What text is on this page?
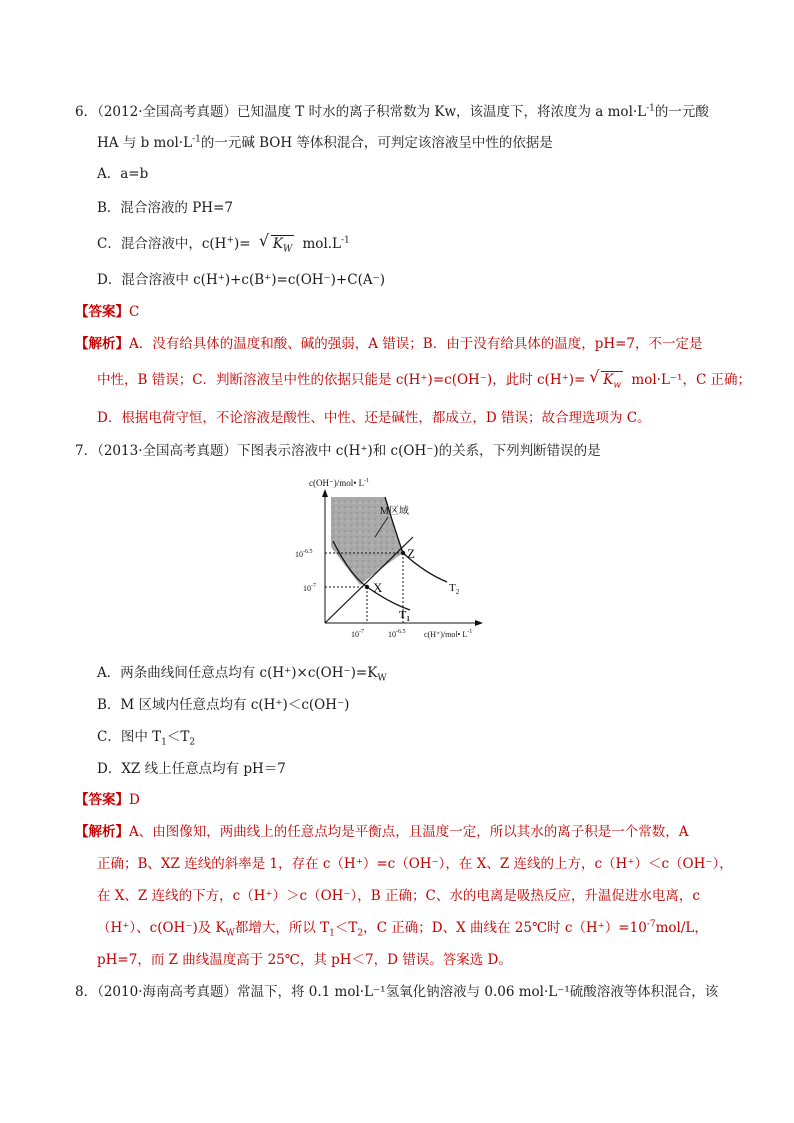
6．（2012·全国高考真题）已知温度 T 时水的离子积常数为 Kw，该温度下，将浓度为 a $mol\cdot L^{-1}$的一元酸
HA 与 b $mol\cdot L^{-1}$的一元碱 BOH 等体积混合，可判定该溶液呈中性的依据是
A．a=b
B．混合溶液的 PH=7
C．混合溶液中，c(H+)= √ $K_W$ $mol.L^{-1}$
D．混合溶液中 c(H⁺)+c(B⁺)=c(OH⁻)+C(A⁻)
【答案】C
【解析】A．没有给具体的温度和酸、碱的强弱，A 错误；B．由于没有给具体的温度，pH=7，不一定是
中性，B 错误；C．判断溶液呈中性的依据只能是 c(H⁺)=c(OH⁻)，此时 c(H⁺)= √ $K_w$ mol·L⁻¹，C 正确；
D．根据电荷守恒，不论溶液是酸性、中性、还是碱性，都成立，D 错误；故合理选项为 C。
7．（2013·全国高考真题）下图表示溶液中 c(H⁺)和 c(OH⁻)的关系，下列判断错误的是
c(OH⁻)/mol• $L^{-1}$
M区域
$10^{-6.5}$
$10^{-7}$
$10^{-7}$	$10^{-6.5}$ c(H⁺)/mol• $L^{-1}$
Z
X
$T_1$
$T_2$
A．两条曲线间任意点均有 $c(H^+)\times c(OH^-)=K_W$
B．M 区域内任意点均有 c(H⁺)＜c(OH⁻)
C．图中 $T_1<T_2$
D．XZ 线上任意点均有 pH＝7
【答案】D
【解析】A、由图像知，两曲线上的任意点均是平衡点，且温度一定，所以其水的离子积是一个常数，A
正确；B、XZ 连线的斜率是 1，存在 c（H⁺）=c（OH⁻），在 X、Z 连线的上方，c（H⁺）＜c（OH⁻），
在 X、Z 连线的下方，c（H⁺）＞c（OH⁻），B 正确；C、水的电离是吸热反应，升温促进水电离，c
（H⁺）、c(OH⁻)及 $K_W$都增大，所以 $T_1<T_2$，C 正确；D、X 曲线在 25℃时 $c(H^+)=10^{-7}mol/L$，
pH=7，而 Z 曲线温度高于 25℃，其 pH＜7，D 错误。答案选 D。
8．（2010·海南高考真题）常温下，将 0.1 mol·L⁻¹氢氧化钠溶液与 0.06 mol·L⁻¹硫酸溶液等体积混合，该
